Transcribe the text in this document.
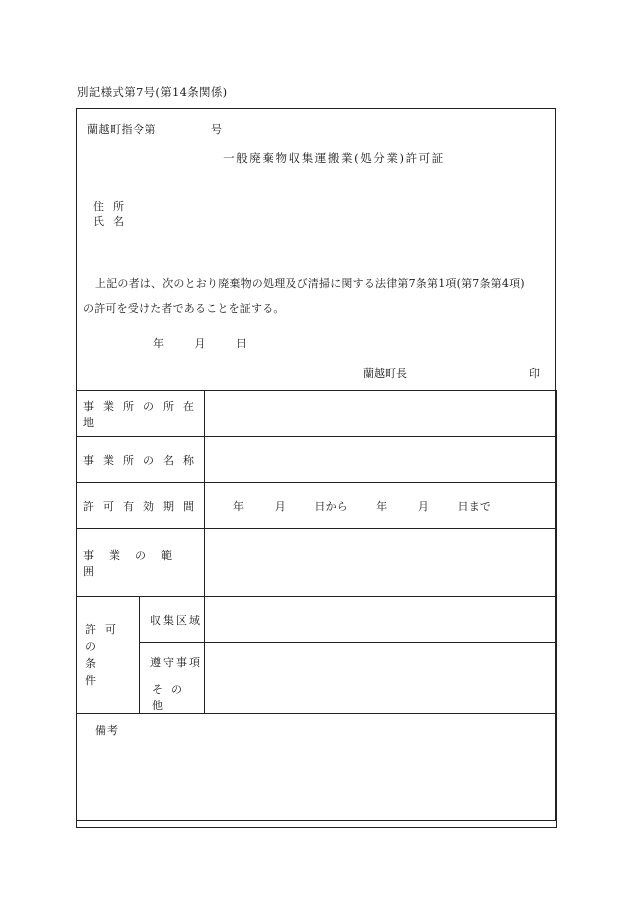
別記様式第7号(第14条関係)
蘭越町指令第	号
一般廃棄物収集運搬業(処分業)許可証
住所
氏名
上記の者は、次のとおり廃棄物の処理及び清掃に関する法律第7条第1項(第7条第4項)
の許可を受けた者であることを証する。
年	月	日
蘭越町長	印
事業所の所在地		
事業所の名称		
許可有効期間		年 月 日から 年 月 日まで
事業の範囲		

許可の
条件	収集区域	
	遵守事項	
	その他	
備考		
